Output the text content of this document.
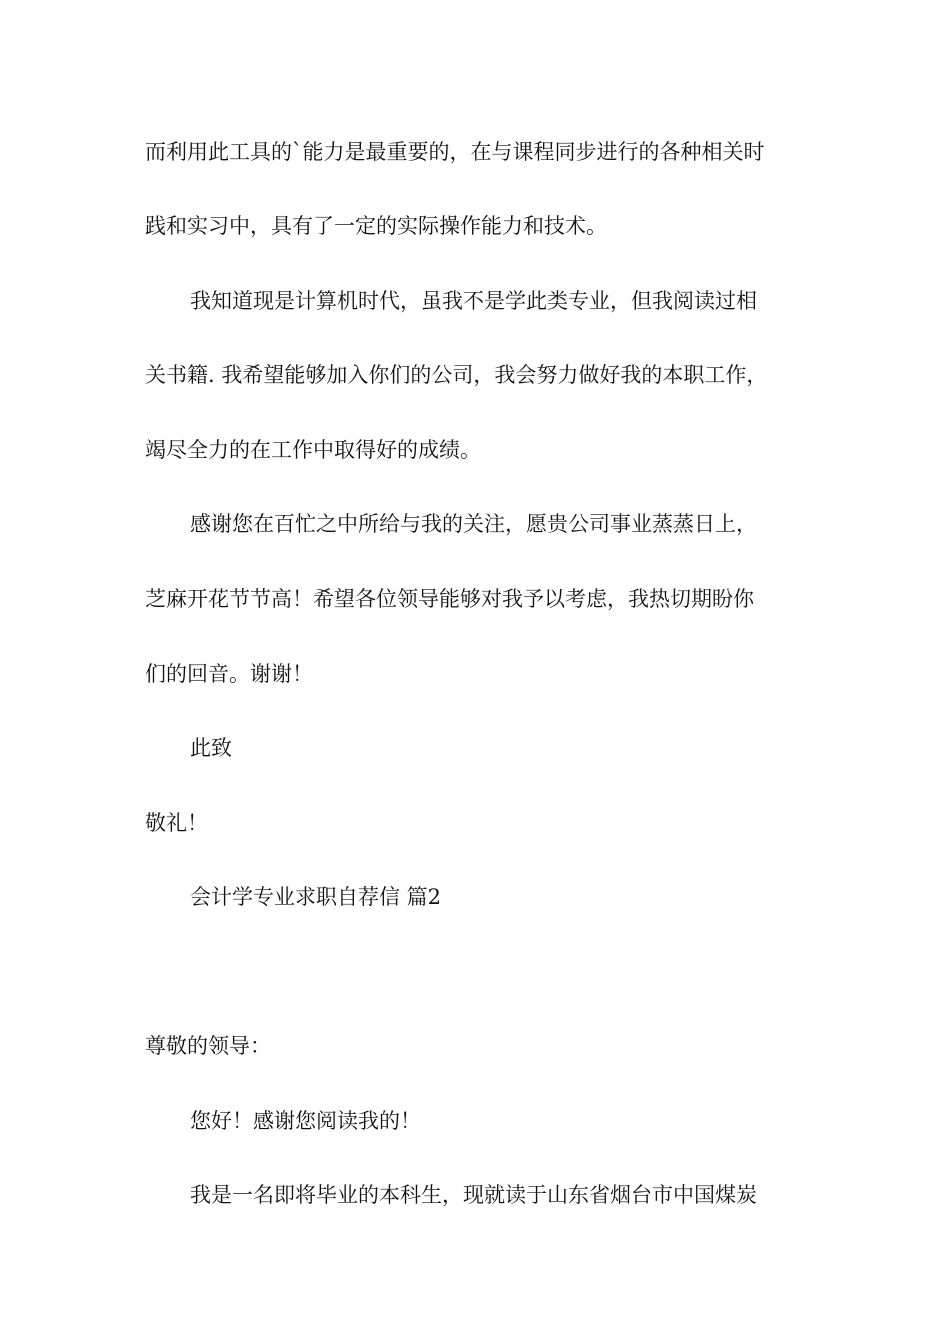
而利用此工具的`能力是最重要的，在与课程同步进行的各种相关时

践和实习中，具有了一定的实际操作能力和技术。

我知道现是计算机时代，虽我不是学此类专业，但我阅读过相

关书籍. 我希望能够加入你们的公司，我会努力做好我的本职工作，

竭尽全力的在工作中取得好的成绩。

感谢您在百忙之中所给与我的关注，愿贵公司事业蒸蒸日上，

芝麻开花节节高！希望各位领导能够对我予以考虑，我热切期盼你

们的回音。谢谢！

此致

敬礼！

会计学专业求职自荐信 篇2

尊敬的领导：

您好！感谢您阅读我的！

我是一名即将毕业的本科生，现就读于山东省烟台市中国煤炭
